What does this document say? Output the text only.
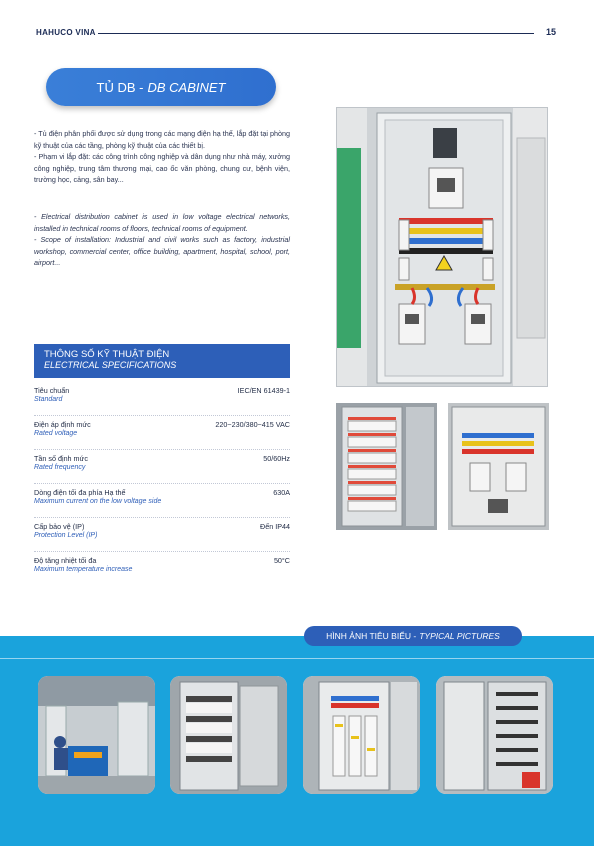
HAHUCO VINA	15
TỦ DB - DB CABINET

- Tủ điện phân phối được sử dụng trong các mạng điện hạ thế, lắp đặt tại phòng kỹ thuật của các tầng, phòng kỹ thuật của các thiết bị.
- Phạm vi lắp đặt: các công trình công nghiệp và dân dụng như nhà máy, xưởng công nghiệp, trung tâm thương mại, cao ốc văn phòng, chung cư, bệnh viện, trường học, cảng, sân bay...

- Electrical distribution cabinet is used in low voltage electrical networks, installed in technical rooms of floors, technical rooms of equipment.
- Scope of installation: Industrial and civil works such as factory, industrial workshop, commercial center, office building, apartment, hospital, school, port, airport...

THÔNG SỐ KỸ THUẬT ĐIỆN
ELECTRICAL SPECIFICATIONS
Tiêu chuẩn
Standard
IEC/EN 61439-1
Điện áp định mức
Rated voltage
220~230/380~415 VAC
Tần số định mức
Rated frequency
50/60Hz
Dòng điện tối đa phía Hạ thế
Maximum current on the low voltage side
630A
Cấp bảo vệ (IP)
Protection Level (IP)
Đến IP44
Độ tăng nhiệt tối đa
Maximum temperature increase
50°C
HÌNH ẢNH TIÊU BIỂU - TYPICAL PICTURES
